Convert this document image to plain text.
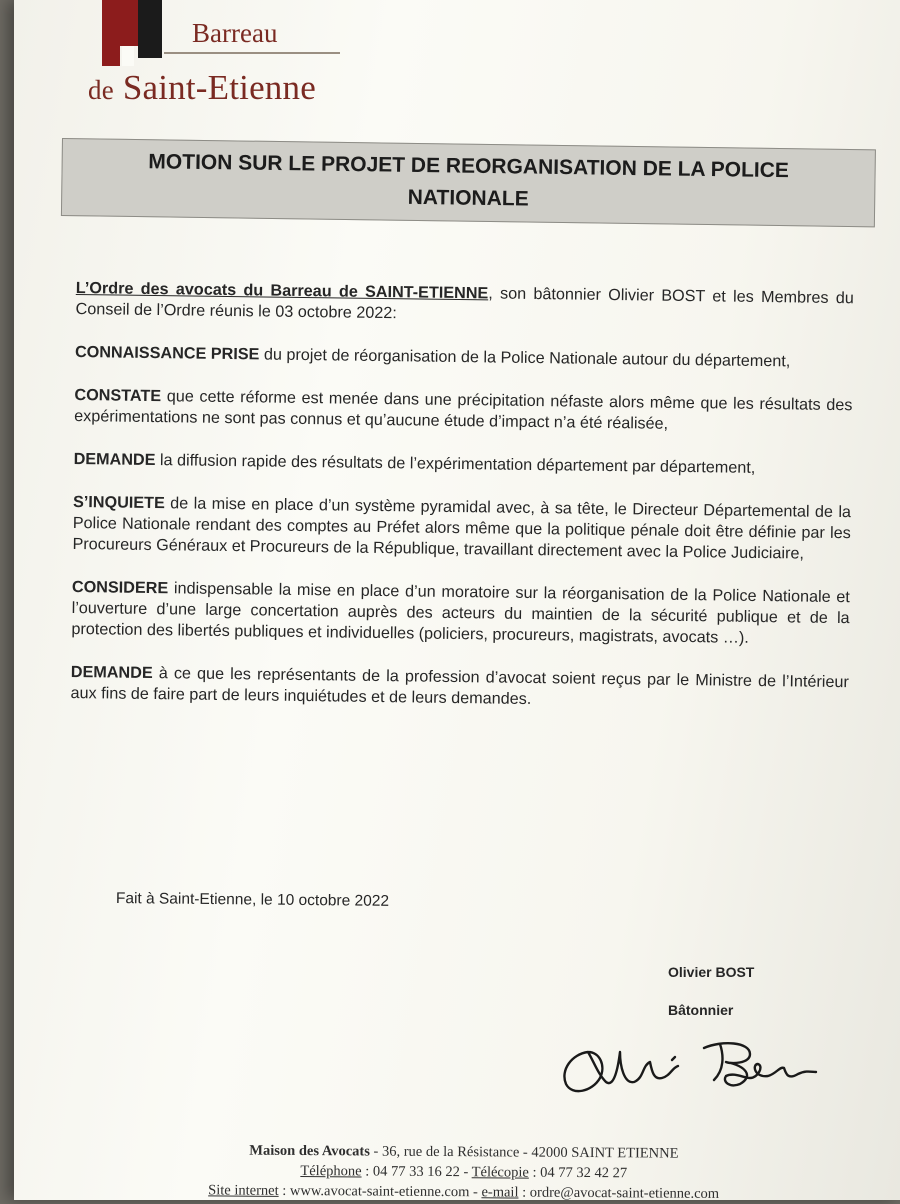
Barreau
de Saint-Etienne
MOTION SUR LE PROJET DE REORGANISATION DE LA POLICE NATIONALE

L’Ordre des avocats du Barreau de SAINT-ETIENNE, son bâtonnier Olivier BOST et les Membres du Conseil de l’Ordre réunis le 03 octobre 2022:

CONNAISSANCE PRISE du projet de réorganisation de la Police Nationale autour du département,

CONSTATE que cette réforme est menée dans une précipitation néfaste alors même que les résultats des expérimentations ne sont pas connus et qu’aucune étude d’impact n’a été réalisée,

DEMANDE la diffusion rapide des résultats de l’expérimentation département par département,

S’INQUIETE de la mise en place d’un système pyramidal avec, à sa tête, le Directeur Départemental de la Police Nationale rendant des comptes au Préfet alors même que la politique pénale doit être définie par les Procureurs Généraux et Procureurs de la République, travaillant directement avec la Police Judiciaire,

CONSIDERE indispensable la mise en place d’un moratoire sur la réorganisation de la Police Nationale et l’ouverture d’une large concertation auprès des acteurs du maintien de la sécurité publique et de la protection des libertés publiques et individuelles (policiers, procureurs, magistrats, avocats …).

DEMANDE à ce que les représentants de la profession d’avocat soient reçus par le Ministre de l’Intérieur aux fins de faire part de leurs inquiétudes et de leurs demandes.

Fait à Saint-Etienne, le 10 octobre 2022
Olivier BOST
Bâtonnier
Maison des Avocats - 36, rue de la Résistance - 42000 SAINT ETIENNE
Téléphone : 04 77 33 16 22 - Télécopie : 04 77 32 42 27
Site internet : www.avocat-saint-etienne.com - e-mail : ordre@avocat-saint-etienne.com
